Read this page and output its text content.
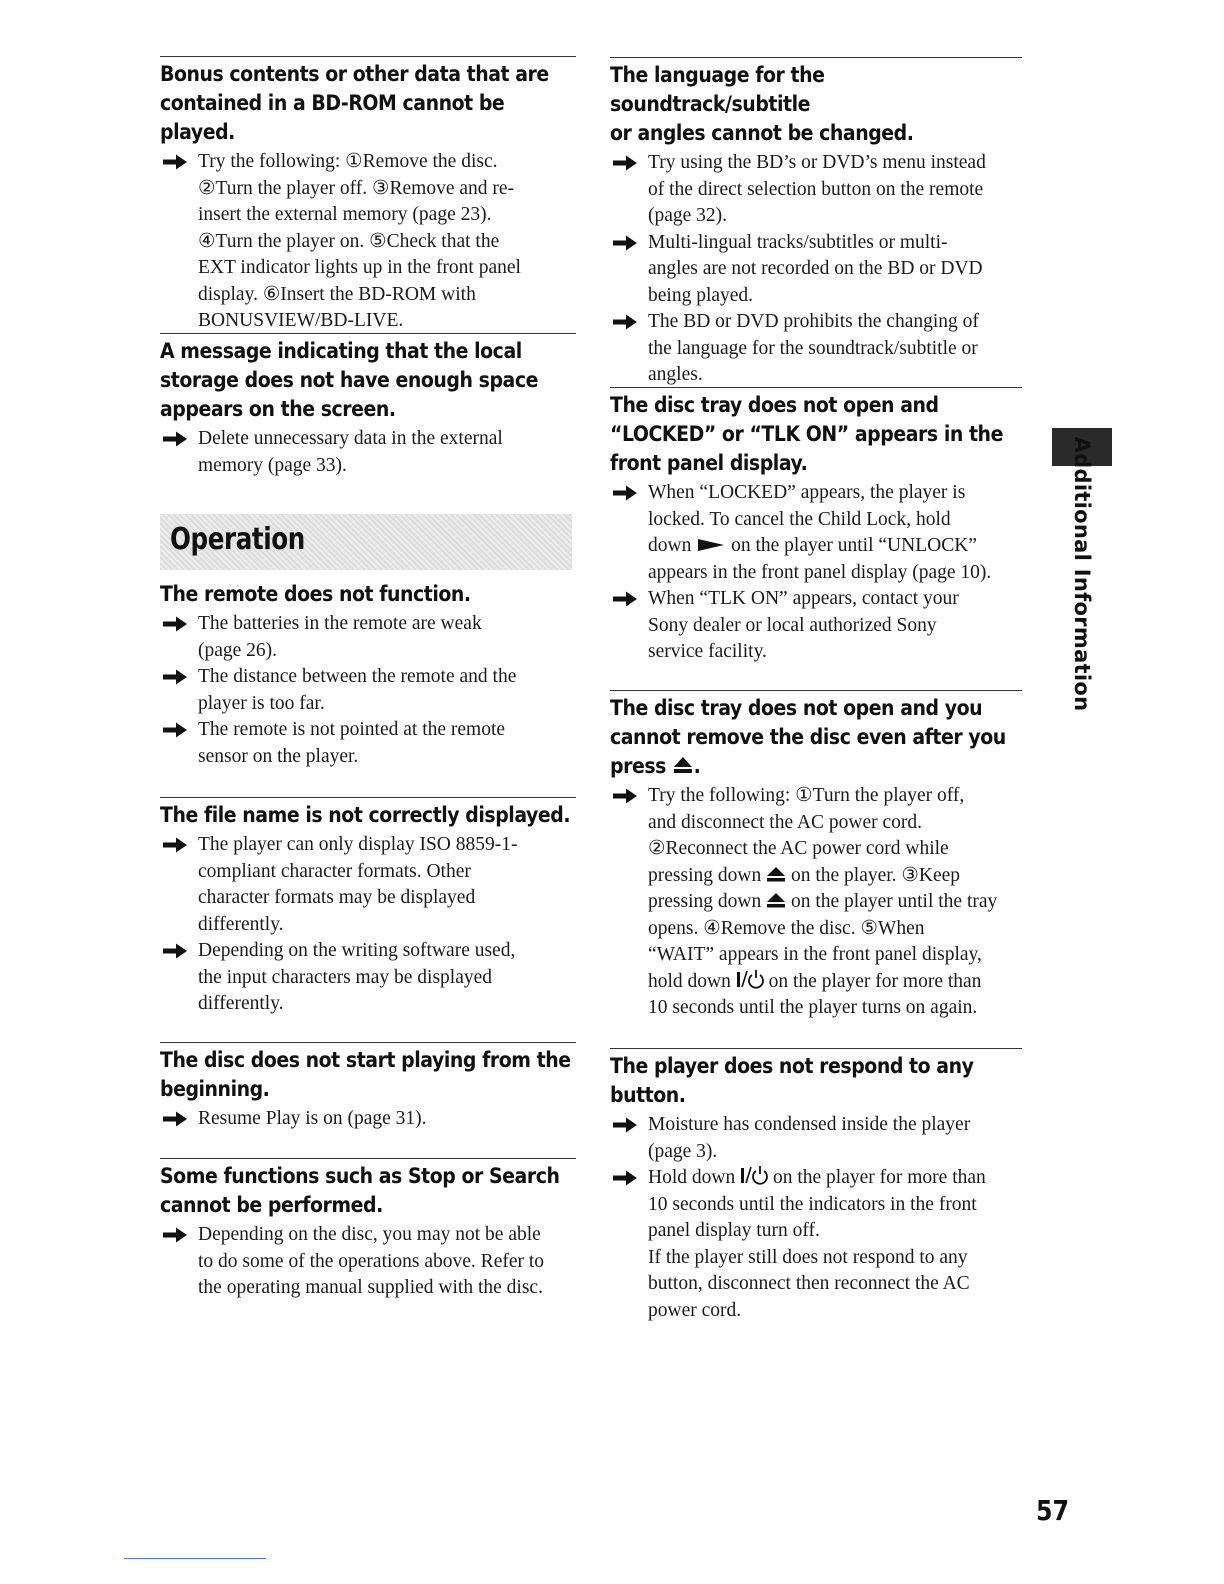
Bonus contents or other data that are
contained in a BD-ROM cannot be played.
Try the following: ①Remove the disc.
②Turn the player off. ③Remove and re-
insert the external memory (page 23).
④Turn the player on. ⑤Check that the
EXT indicator lights up in the front panel
display. ⑥Insert the BD-ROM with
BONUSVIEW/BD-LIVE.
A message indicating that the local
storage does not have enough space
appears on the screen.
Delete unnecessary data in the external
memory (page 33).
Operation
The remote does not function.
The batteries in the remote are weak
(page 26).
The distance between the remote and the
player is too far.
The remote is not pointed at the remote
sensor on the player.
The file name is not correctly displayed.
The player can only display ISO 8859-1-
compliant character formats. Other
character formats may be displayed
differently.
Depending on the writing software used,
the input characters may be displayed
differently.
The disc does not start playing from the
beginning.
Resume Play is on (page 31).
Some functions such as Stop or Search
cannot be performed.
Depending on the disc, you may not be able
to do some of the operations above. Refer to
the operating manual supplied with the disc.
The language for the soundtrack/subtitle
or angles cannot be changed.
Try using the BD’s or DVD’s menu instead
of the direct selection button on the remote
(page 32).
Multi-lingual tracks/subtitles or multi-
angles are not recorded on the BD or DVD
being played.
The BD or DVD prohibits the changing of
the language for the soundtrack/subtitle or
angles.
The disc tray does not open and
“LOCKED” or “TLK ON” appears in the
front panel display.
When “LOCKED” appears, the player is
locked. To cancel the Child Lock, hold
down on the player until “UNLOCK”
appears in the front panel display (page 10).
When “TLK ON” appears, contact your
Sony dealer or local authorized Sony
service facility.
The disc tray does not open and you
cannot remove the disc even after you
press .
Try the following: ①Turn the player off,
and disconnect the AC power cord.
②Reconnect the AC power cord while
pressing down on the player. ③Keep
pressing down on the player until the tray
opens. ④Remove the disc. ⑤When
“WAIT” appears in the front panel display,
hold down on the player for more than
10 seconds until the player turns on again.
The player does not respond to any button.
Moisture has condensed inside the player
(page 3).
Hold down on the player for more than
10 seconds until the indicators in the front
panel display turn off.
If the player still does not respond to any
button, disconnect then reconnect the AC
power cord.
Additional Information
57
